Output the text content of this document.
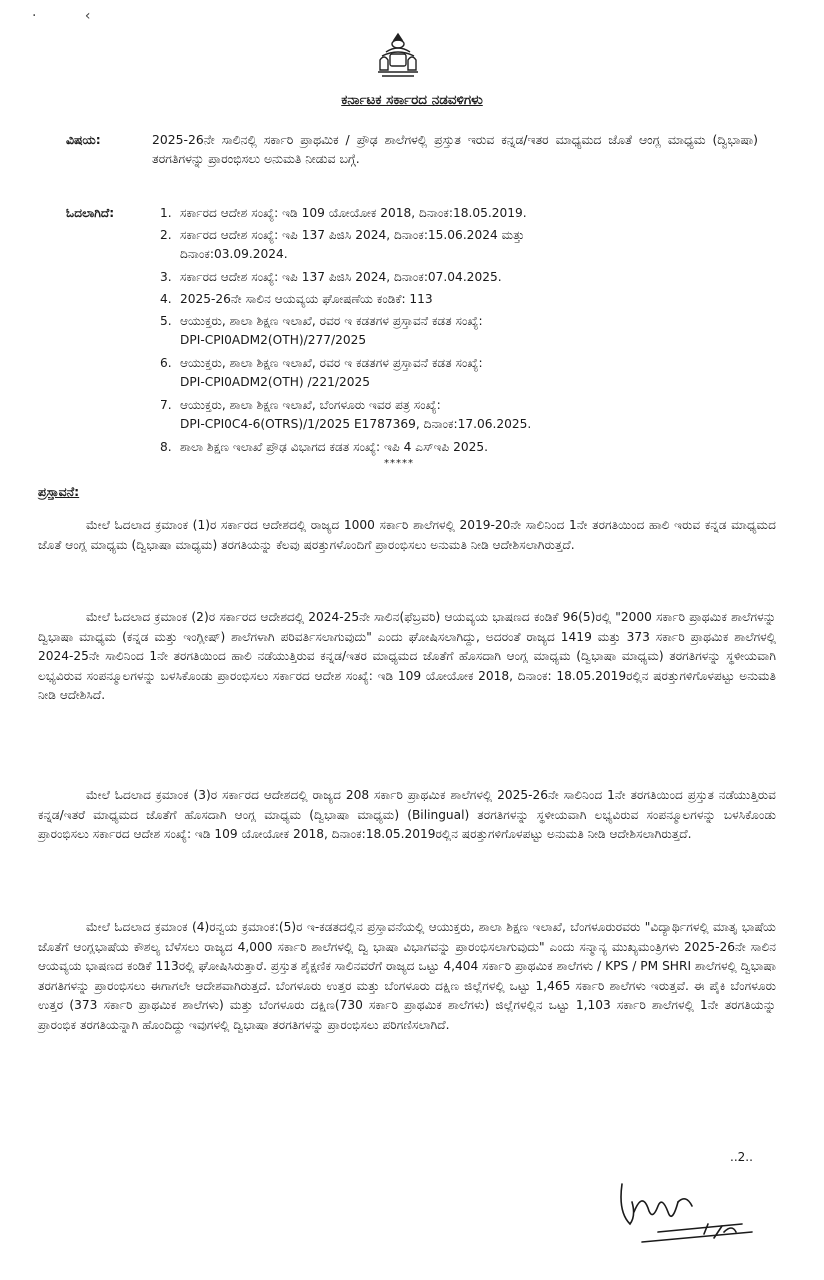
· ‹
ಕರ್ನಾಟಕ ಸರ್ಕಾರದ ನಡವಳಿಗಳು
ವಿಷಯ:	2025-26ನೇ ಸಾಲಿನಲ್ಲಿ ಸರ್ಕಾರಿ ಪ್ರಾಥಮಿಕ / ಪ್ರೌಢ ಶಾಲೆಗಳಲ್ಲಿ ಪ್ರಸ್ತುತ ಇರುವ ಕನ್ನಡ/ಇತರ ಮಾಧ್ಯಮದ ಜೊತೆ ಆಂಗ್ಲ ಮಾಧ್ಯಮ (ದ್ವಿಭಾಷಾ) ತರಗತಿಗಳನ್ನು ಪ್ರಾರಂಭಿಸಲು ಅನುಮತಿ ನೀಡುವ ಬಗ್ಗೆ.
ಓದಲಾಗಿದೆ:	1. ಸರ್ಕಾರದ ಆದೇಶ ಸಂಖ್ಯೆ: ಇಡಿ 109 ಯೋಯೋಕ 2018, ದಿನಾಂಕ:18.05.2019.
2. ಸರ್ಕಾರದ ಆದೇಶ ಸಂಖ್ಯೆ: ಇಪಿ 137 ಪಿಜಿಸಿ 2024, ದಿನಾಂಕ:15.06.2024 ಮತ್ತು
ದಿನಾಂಕ:03.09.2024.
3. ಸರ್ಕಾರದ ಆದೇಶ ಸಂಖ್ಯೆ: ಇಪಿ 137 ಪಿಜಿಸಿ 2024, ದಿನಾಂಕ:07.04.2025.
4. 2025-26ನೇ ಸಾಲಿನ ಆಯವ್ಯಯ ಘೋಷಣೆಯ ಕಂಡಿಕೆ: 113
5. ಆಯುಕ್ತರು, ಶಾಲಾ ಶಿಕ್ಷಣ ಇಲಾಖೆ, ರವರ ಇ ಕಡತಗಳ ಪ್ರಸ್ತಾವನೆ ಕಡತ ಸಂಖ್ಯೆ:
DPI-CPI0ADM2(OTH)/277/2025
6. ಆಯುಕ್ತರು, ಶಾಲಾ ಶಿಕ್ಷಣ ಇಲಾಖೆ, ರವರ ಇ ಕಡತಗಳ ಪ್ರಸ್ತಾವನೆ ಕಡತ ಸಂಖ್ಯೆ:
DPI-CPI0ADM2(OTH) /221/2025
7. ಆಯುಕ್ತರು, ಶಾಲಾ ಶಿಕ್ಷಣ ಇಲಾಖೆ, ಬೆಂಗಳೂರು ಇವರ ಪತ್ರ ಸಂಖ್ಯೆ:
DPI-CPI0C4-6(OTRS)/1/2025 E1787369, ದಿನಾಂಕ:17.06.2025.
8. ಶಾಲಾ ಶಿಕ್ಷಣ ಇಲಾಖೆ ಪ್ರೌಢ ವಿಭಾಗದ ಕಡತ ಸಂಖ್ಯೆ: ಇಪಿ 4 ಎಸ್‌ಇಪಿ 2025.
*****
ಪ್ರಸ್ತಾವನೆ:

ಮೇಲೆ ಓದಲಾದ ಕ್ರಮಾಂಕ (1)ರ ಸರ್ಕಾರದ ಆದೇಶದಲ್ಲಿ ರಾಜ್ಯದ 1000 ಸರ್ಕಾರಿ ಶಾಲೆಗಳಲ್ಲಿ 2019-20ನೇ ಸಾಲಿನಿಂದ 1ನೇ ತರಗತಿಯಿಂದ ಹಾಲಿ ಇರುವ ಕನ್ನಡ ಮಾಧ್ಯಮದ ಜೊತೆ ಆಂಗ್ಲ ಮಾಧ್ಯಮ (ದ್ವಿಭಾಷಾ ಮಾಧ್ಯಮ) ತರಗತಿಯನ್ನು ಕೆಲವು ಷರತ್ತುಗಳೊಂದಿಗೆ ಪ್ರಾರಂಭಿಸಲು ಅನುಮತಿ ನೀಡಿ ಆದೇಶಿಸಲಾಗಿರುತ್ತದೆ.

ಮೇಲೆ ಓದಲಾದ ಕ್ರಮಾಂಕ (2)ರ ಸರ್ಕಾರದ ಆದೇಶದಲ್ಲಿ 2024-25ನೇ ಸಾಲಿನ(ಫೆಬ್ರವರಿ) ಆಯವ್ಯಯ ಭಾಷಣದ ಕಂಡಿಕೆ 96(5)ರಲ್ಲಿ "2000 ಸರ್ಕಾರಿ ಪ್ರಾಥಮಿಕ ಶಾಲೆಗಳನ್ನು ದ್ವಿಭಾಷಾ ಮಾಧ್ಯಮ (ಕನ್ನಡ ಮತ್ತು ಇಂಗ್ಲೀಷ್) ಶಾಲೆಗಳಾಗಿ ಪರಿವರ್ತಿಸಲಾಗುವುದು" ಎಂದು ಘೋಷಿಸಲಾಗಿದ್ದು, ಅದರಂತೆ ರಾಜ್ಯದ 1419 ಮತ್ತು 373 ಸರ್ಕಾರಿ ಪ್ರಾಥಮಿಕ ಶಾಲೆಗಳಲ್ಲಿ 2024-25ನೇ ಸಾಲಿನಿಂದ 1ನೇ ತರಗತಿಯಿಂದ ಹಾಲಿ ನಡೆಯುತ್ತಿರುವ ಕನ್ನಡ/ಇತರ ಮಾಧ್ಯಮದ ಜೊತೆಗೆ ಹೊಸದಾಗಿ ಆಂಗ್ಲ ಮಾಧ್ಯಮ (ದ್ವಿಭಾಷಾ ಮಾಧ್ಯಮ) ತರಗತಿಗಳನ್ನು ಸ್ಥಳೀಯವಾಗಿ ಲಭ್ಯವಿರುವ ಸಂಪನ್ಮೂಲಗಳನ್ನು ಬಳಸಿಕೊಂಡು ಪ್ರಾರಂಭಿಸಲು ಸರ್ಕಾರದ ಆದೇಶ ಸಂಖ್ಯೆ: ಇಡಿ 109 ಯೋಯೋಕ 2018, ದಿನಾಂಕ: 18.05.2019ರಲ್ಲಿನ ಷರತ್ತುಗಳಿಗೊಳಪಟ್ಟು ಅನುಮತಿ ನೀಡಿ ಆದೇಶಿಸಿದೆ.

ಮೇಲೆ ಓದಲಾದ ಕ್ರಮಾಂಕ (3)ರ ಸರ್ಕಾರದ ಆದೇಶದಲ್ಲಿ ರಾಜ್ಯದ 208 ಸರ್ಕಾರಿ ಪ್ರಾಥಮಿಕ ಶಾಲೆಗಳಲ್ಲಿ 2025-26ನೇ ಸಾಲಿನಿಂದ 1ನೇ ತರಗತಿಯಿಂದ ಪ್ರಸ್ತುತ ನಡೆಯುತ್ತಿರುವ ಕನ್ನಡ/ಇತರೆ ಮಾಧ್ಯಮದ ಜೊತೆಗೆ ಹೊಸದಾಗಿ ಆಂಗ್ಲ ಮಾಧ್ಯಮ (ದ್ವಿಭಾಷಾ ಮಾಧ್ಯಮ) (Bilingual) ತರಗತಿಗಳನ್ನು ಸ್ಥಳೀಯವಾಗಿ ಲಭ್ಯವಿರುವ ಸಂಪನ್ಮೂಲಗಳನ್ನು ಬಳಸಿಕೊಂಡು ಪ್ರಾರಂಭಿಸಲು ಸರ್ಕಾರದ ಆದೇಶ ಸಂಖ್ಯೆ: ಇಡಿ 109 ಯೋಯೋಕ 2018, ದಿನಾಂಕ:18.05.2019ರಲ್ಲಿನ ಷರತ್ತುಗಳಿಗೊಳಪಟ್ಟು ಅನುಮತಿ ನೀಡಿ ಆದೇಶಿಸಲಾಗಿರುತ್ತದೆ.

ಮೇಲೆ ಓದಲಾದ ಕ್ರಮಾಂಕ (4)ರನ್ವಯ ಕ್ರಮಾಂಕ:(5)ರ ಇ-ಕಡತದಲ್ಲಿನ ಪ್ರಸ್ತಾವನೆಯಲ್ಲಿ ಆಯುಕ್ತರು, ಶಾಲಾ ಶಿಕ್ಷಣ ಇಲಾಖೆ, ಬೆಂಗಳೂರುರವರು "ವಿದ್ಯಾರ್ಥಿಗಳಲ್ಲಿ ಮಾತೃ ಭಾಷೆಯ ಜೊತೆಗೆ ಆಂಗ್ಲಭಾಷೆಯ ಕೌಶಲ್ಯ ಬೆಳೆಸಲು ರಾಜ್ಯದ 4,000 ಸರ್ಕಾರಿ ಶಾಲೆಗಳಲ್ಲಿ ದ್ವಿ ಭಾಷಾ ವಿಭಾಗವನ್ನು ಪ್ರಾರಂಭಿಸಲಾಗುವುದು" ಎಂದು ಸನ್ಮಾನ್ಯ ಮುಖ್ಯಮಂತ್ರಿಗಳು 2025-26ನೇ ಸಾಲಿನ ಆಯವ್ಯಯ ಭಾಷಣದ ಕಂಡಿಕೆ 113ರಲ್ಲಿ ಘೋಷಿಸಿರುತ್ತಾರೆ. ಪ್ರಸ್ತುತ ಶೈಕ್ಷಣಿಕ ಸಾಲಿನವರೆಗೆ ರಾಜ್ಯದ ಒಟ್ಟು 4,404 ಸರ್ಕಾರಿ ಪ್ರಾಥಮಿಕ ಶಾಲೆಗಳು / KPS / PM SHRI ಶಾಲೆಗಳಲ್ಲಿ ದ್ವಿಭಾಷಾ ತರಗತಿಗಳನ್ನು ಪ್ರಾರಂಭಿಸಲು ಈಗಾಗಲೇ ಆದೇಶವಾಗಿರುತ್ತದೆ. ಬೆಂಗಳೂರು ಉತ್ತರ ಮತ್ತು ಬೆಂಗಳೂರು ದಕ್ಷಿಣ ಜಿಲ್ಲೆಗಳಲ್ಲಿ ಒಟ್ಟು 1,465 ಸರ್ಕಾರಿ ಶಾಲೆಗಳು ಇರುತ್ತವೆ. ಈ ಪೈಕಿ ಬೆಂಗಳೂರು ಉತ್ತರ (373 ಸರ್ಕಾರಿ ಪ್ರಾಥಮಿಕ ಶಾಲೆಗಳು) ಮತ್ತು ಬೆಂಗಳೂರು ದಕ್ಷಿಣ(730 ಸರ್ಕಾರಿ ಪ್ರಾಥಮಿಕ ಶಾಲೆಗಳು) ಜಿಲ್ಲೆಗಳಲ್ಲಿನ ಒಟ್ಟು 1,103 ಸರ್ಕಾರಿ ಶಾಲೆಗಳಲ್ಲಿ 1ನೇ ತರಗತಿಯನ್ನು ಪ್ರಾರಂಭಿಕ ತರಗತಿಯನ್ನಾಗಿ ಹೊಂದಿದ್ದು ಇವುಗಳಲ್ಲಿ ದ್ವಿಭಾಷಾ ತರಗತಿಗಳನ್ನು ಪ್ರಾರಂಭಿಸಲು ಪರಿಗಣಿಸಲಾಗಿದೆ.

..2..
